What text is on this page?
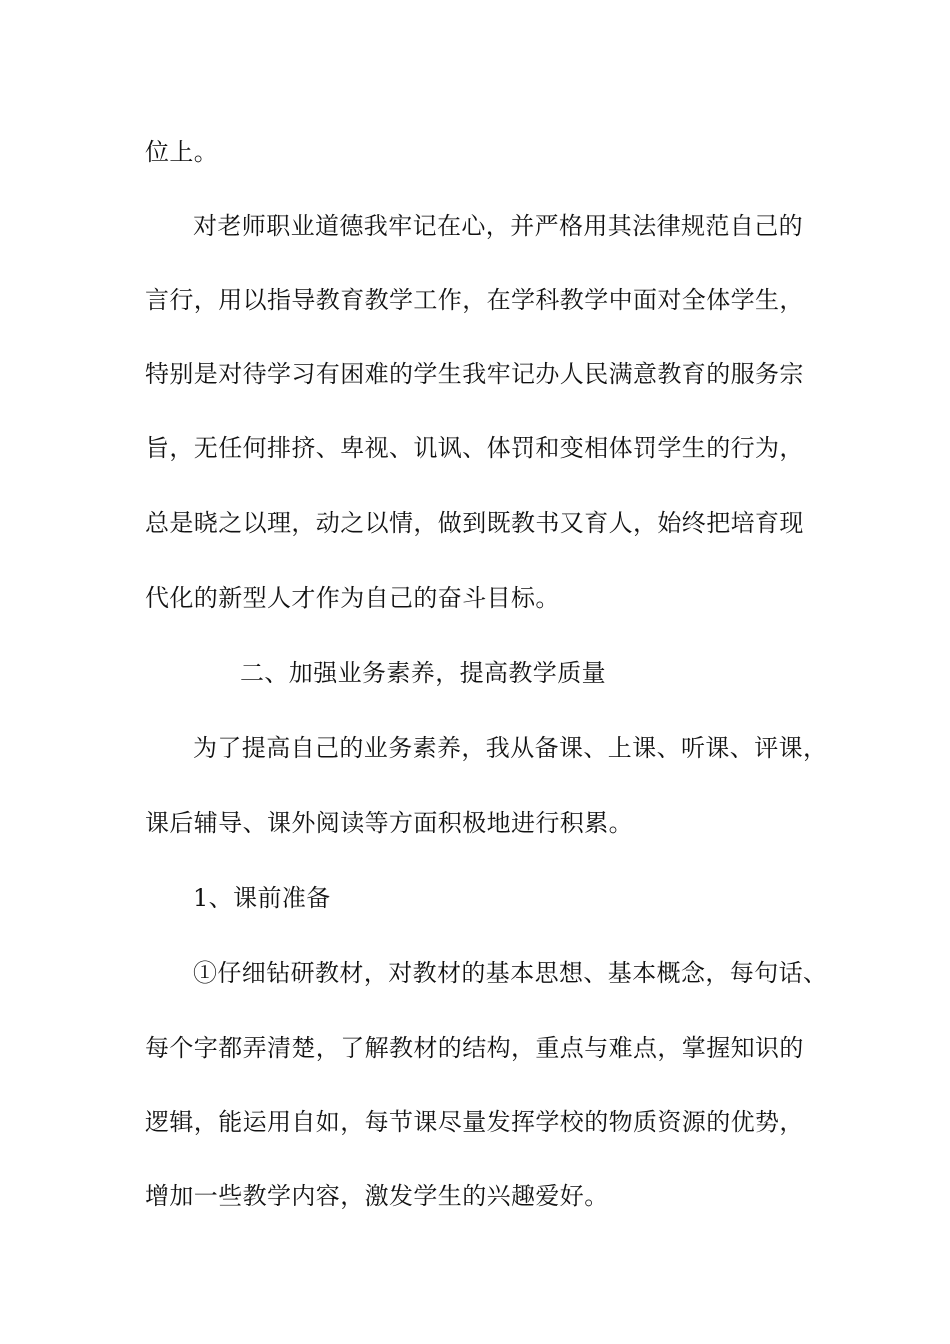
位上。
对老师职业道德我牢记在心，并严格用其法律规范自己的
言行，用以指导教育教学工作，在学科教学中面对全体学生，
特别是对待学习有困难的学生我牢记办人民满意教育的服务宗
旨，无任何排挤、卑视、讥讽、体罚和变相体罚学生的行为，
总是晓之以理，动之以情，做到既教书又育人，始终把培育现
代化的新型人才作为自己的奋斗目标。
二、加强业务素养，提高教学质量
为了提高自己的业务素养，我从备课、上课、听课、评课，
课后辅导、课外阅读等方面积极地进行积累。
1、课前准备
①仔细钻研教材，对教材的基本思想、基本概念，每句话、
每个字都弄清楚，了解教材的结构，重点与难点，掌握知识的
逻辑，能运用自如，每节课尽量发挥学校的物质资源的优势，
增加一些教学内容，激发学生的兴趣爱好。
